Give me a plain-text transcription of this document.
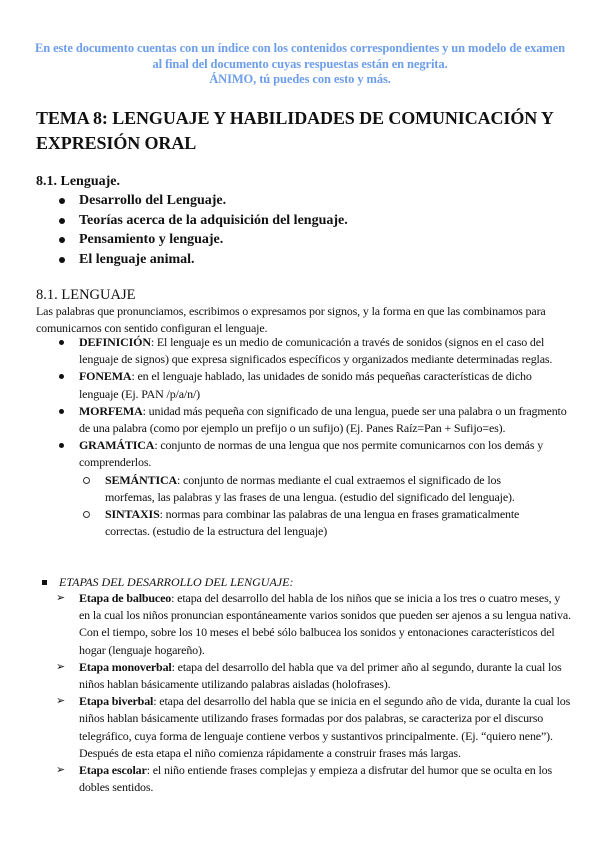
En este documento cuentas con un índice con los contenidos correspondientes y un modelo de examen
al final del documento cuyas respuestas están en negrita.
ÁNIMO, tú puedes con esto y más.
TEMA 8: LENGUAJE Y HABILIDADES DE COMUNICACIÓN Y EXPRESIÓN ORAL
8.1. Lenguaje.
Desarrollo del Lenguaje.
Teorías acerca de la adquisición del lenguaje.
Pensamiento y lenguaje.
El lenguaje animal.
8.1. LENGUAJE
Las palabras que pronunciamos, escribimos o expresamos por signos, y la forma en que las combinamos para comunicarnos con sentido configuran el lenguaje.
DEFINICIÓN: El lenguaje es un medio de comunicación a través de sonidos (signos en el caso del lenguaje de signos) que expresa significados específicos y organizados mediante determinadas reglas.
FONEMA: en el lenguaje hablado, las unidades de sonido más pequeñas características de dicho lenguaje (Ej. PAN /p/a/n/)
MORFEMA: unidad más pequeña con significado de una lengua, puede ser una palabra o un fragmento de una palabra (como por ejemplo un prefijo o un sufijo) (Ej. Panes Raíz=Pan + Sufijo=es).
GRAMÁTICA: conjunto de normas de una lengua que nos permite comunicarnos con los demás y comprenderlos.
SEMÁNTICA: conjunto de normas mediante el cual extraemos el significado de los morfemas, las palabras y las frases de una lengua. (estudio del significado del lenguaje).
SINTAXIS: normas para combinar las palabras de una lengua en frases gramaticalmente correctas. (estudio de la estructura del lenguaje)
ETAPAS DEL DESARROLLO DEL LENGUAJE:
➢ Etapa de balbuceo: etapa del desarrollo del habla de los niños que se inicia a los tres o cuatro meses, y en la cual los niños pronuncian espontáneamente varios sonidos que pueden ser ajenos a su lengua nativa. Con el tiempo, sobre los 10 meses el bebé sólo balbucea los sonidos y entonaciones característicos del hogar (lenguaje hogareño).
➢ Etapa monoverbal: etapa del desarrollo del habla que va del primer año al segundo, durante la cual los niños hablan básicamente utilizando palabras aisladas (holofrases).
➢ Etapa biverbal: etapa del desarrollo del habla que se inicia en el segundo año de vida, durante la cual los niños hablan básicamente utilizando frases formadas por dos palabras, se caracteriza por el discurso telegráfico, cuya forma de lenguaje contiene verbos y sustantivos principalmente. (Ej. “quiero nene”). Después de esta etapa el niño comienza rápidamente a construir frases más largas.
➢ Etapa escolar: el niño entiende frases complejas y empieza a disfrutar del humor que se oculta en los dobles sentidos.
